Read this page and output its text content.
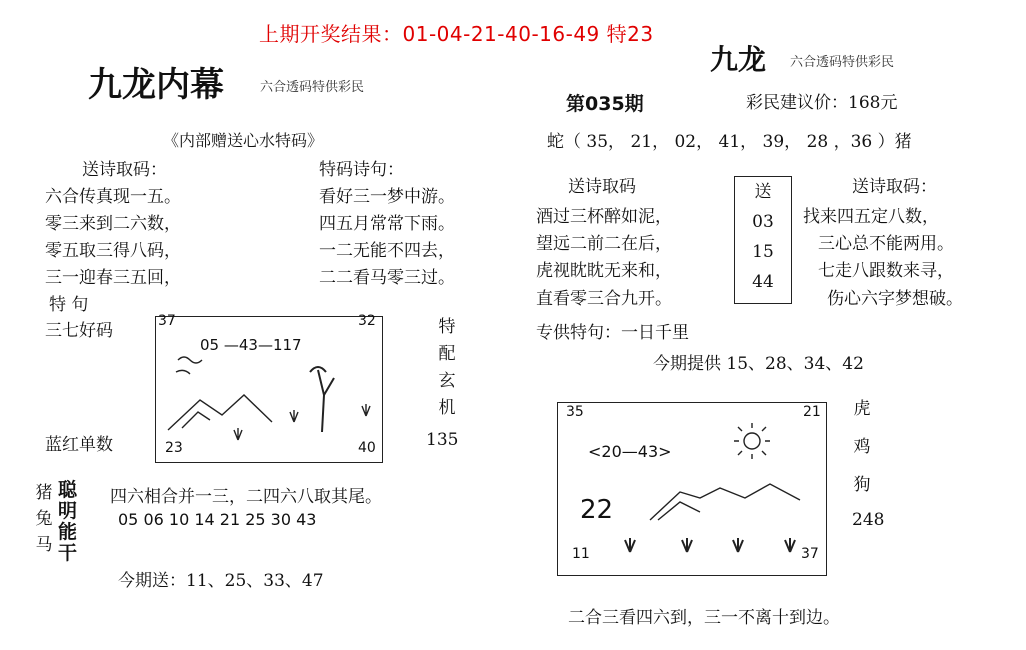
上期开奖结果：01-04-21-40-16-49 特23
九龙内幕	六合透码特供彩民
《内部赠送心水特码》
送诗取码：
六合传真现一五。
零三来到二六数，
零五取三得八码，
三一迎春三五回，
特码诗句：
看好三一梦中游。
四五月常常下雨。
一二无能不四去，
二二看马零三过。
特 句
三七好码	37	32
23	40
05 —43—117
特
配
玄
机
蓝红单数	135
猪
兔
马
聪
明
能
干
四六相合并一三，二四六八取其尾。
05 06 10 14 21 25 30 43
今期送：11、25、33、47
九龙 六合透码特供彩民
第035期	彩民建议价：168元
蛇（ 35， 21， 02， 41， 39， 28 ，36 ）猪
送诗取码
酒过三杯醉如泥，
望远二前二在后，
虎视眈眈无来和，
直看零三合九开。
送
03
15
44
送诗取码：
找来四五定八数，
三心总不能两用。
七走八跟数来寻，
伤心六字梦想破。
专供特句：一日千里
今期提供 15、28、34、42
35	21
11	37
<20—43>
22
虎
鸡
狗
248
二合三看四六到，三一不离十到边。
